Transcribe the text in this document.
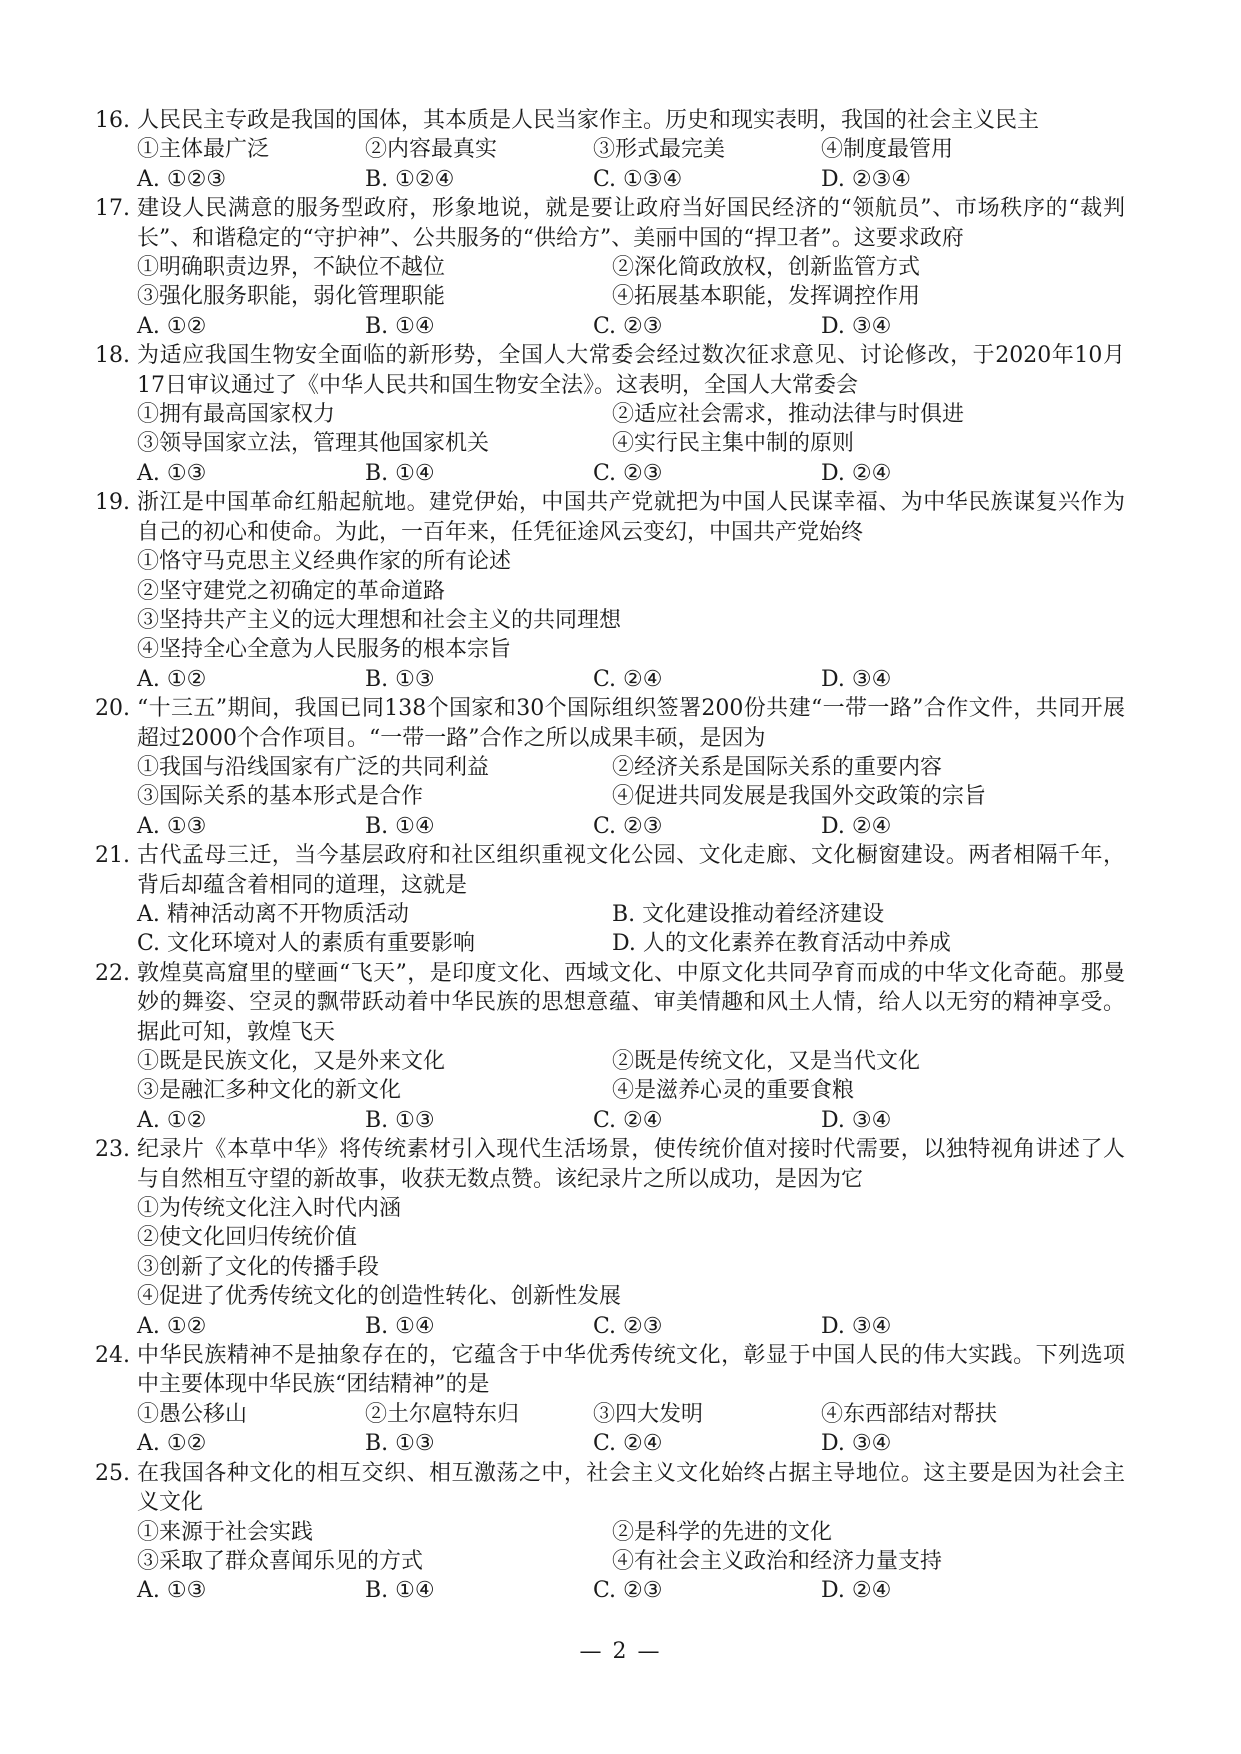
16. 人民民主专政是我国的国体，其本质是人民当家作主。历史和现实表明，我国的社会主义民主
①主体最广泛	②内容最真实	③形式最完美	④制度最管用
A. ①②③	B. ①②④	C. ①③④	D. ②③④
17. 建设人民满意的服务型政府，形象地说，就是要让政府当好国民经济的“领航员”、市场秩序的“裁判长”、和谐稳定的“守护神”、公共服务的“供给方”、美丽中国的“捍卫者”。这要求政府
①明确职责边界，不缺位不越位	②深化简政放权，创新监管方式
③强化服务职能，弱化管理职能	④拓展基本职能，发挥调控作用
A. ①②	B. ①④	C. ②③	D. ③④
18. 为适应我国生物安全面临的新形势，全国人大常委会经过数次征求意见、讨论修改，于2020年10月17日审议通过了《中华人民共和国生物安全法》。这表明，全国人大常委会
①拥有最高国家权力	②适应社会需求，推动法律与时俱进
③领导国家立法，管理其他国家机关	④实行民主集中制的原则
A. ①③	B. ①④	C. ②③	D. ②④
19. 浙江是中国革命红船起航地。建党伊始，中国共产党就把为中国人民谋幸福、为中华民族谋复兴作为自己的初心和使命。为此，一百年来，任凭征途风云变幻，中国共产党始终
①恪守马克思主义经典作家的所有论述
②坚守建党之初确定的革命道路
③坚持共产主义的远大理想和社会主义的共同理想
④坚持全心全意为人民服务的根本宗旨
A. ①②	B. ①③	C. ②④	D. ③④
20. “十三五”期间，我国已同138个国家和30个国际组织签署200份共建“一带一路”合作文件，共同开展超过2000个合作项目。“一带一路”合作之所以成果丰硕，是因为
①我国与沿线国家有广泛的共同利益	②经济关系是国际关系的重要内容
③国际关系的基本形式是合作	④促进共同发展是我国外交政策的宗旨
A. ①③	B. ①④	C. ②③	D. ②④
21. 古代孟母三迁，当今基层政府和社区组织重视文化公园、文化走廊、文化橱窗建设。两者相隔千年，背后却蕴含着相同的道理，这就是
A. 精神活动离不开物质活动	B. 文化建设推动着经济建设
C. 文化环境对人的素质有重要影响	D. 人的文化素养在教育活动中养成
22. 敦煌莫高窟里的壁画“飞天”，是印度文化、西域文化、中原文化共同孕育而成的中华文化奇葩。那曼妙的舞姿、空灵的飘带跃动着中华民族的思想意蕴、审美情趣和风土人情，给人以无穷的精神享受。据此可知，敦煌飞天
①既是民族文化，又是外来文化	②既是传统文化，又是当代文化
③是融汇多种文化的新文化	④是滋养心灵的重要食粮
A. ①②	B. ①③	C. ②④	D. ③④
23. 纪录片《本草中华》将传统素材引入现代生活场景，使传统价值对接时代需要，以独特视角讲述了人与自然相互守望的新故事，收获无数点赞。该纪录片之所以成功，是因为它
①为传统文化注入时代内涵
②使文化回归传统价值
③创新了文化的传播手段
④促进了优秀传统文化的创造性转化、创新性发展
A. ①②	B. ①④	C. ②③	D. ③④
24. 中华民族精神不是抽象存在的，它蕴含于中华优秀传统文化，彰显于中国人民的伟大实践。下列选项中主要体现中华民族“团结精神”的是
①愚公移山	②土尔扈特东归	③四大发明	④东西部结对帮扶
A. ①②	B. ①③	C. ②④	D. ③④
25. 在我国各种文化的相互交织、相互激荡之中，社会主义文化始终占据主导地位。这主要是因为社会主义文化
①来源于社会实践	②是科学的先进的文化
③采取了群众喜闻乐见的方式	④有社会主义政治和经济力量支持
A. ①③	B. ①④	C. ②③	D. ②④
— 2 —
